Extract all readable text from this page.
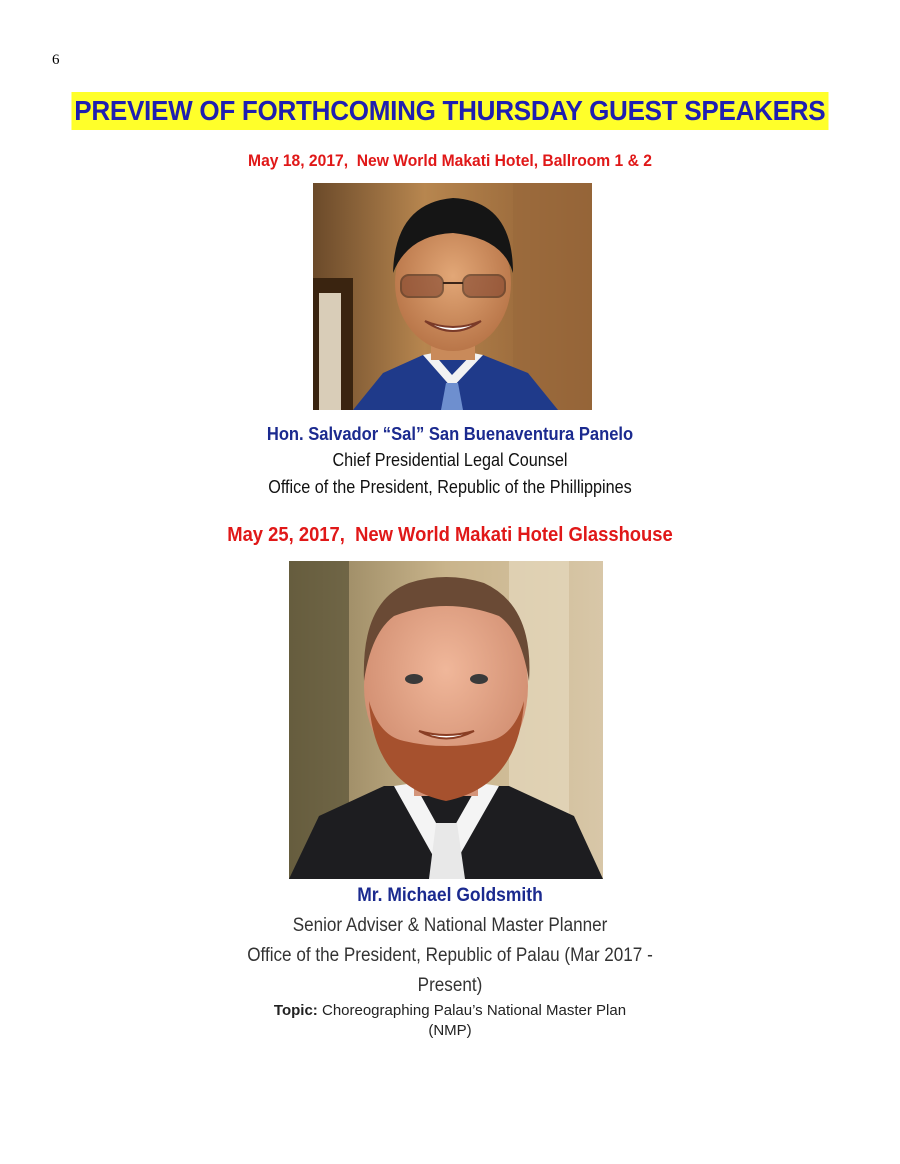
6
PREVIEW OF FORTHCOMING THURSDAY GUEST SPEAKERS
May 18, 2017,  New World Makati Hotel, Ballroom 1 & 2
Hon. Salvador “Sal” San Buenaventura Panelo
Chief Presidential Legal Counsel
Office of the President, Republic of the Phillippines
May 25, 2017,  New World Makati Hotel Glasshouse
Mr. Michael Goldsmith
Senior Adviser & National Master Planner
Office of the President, Republic of Palau (Mar 2017 -
Present)
Topic: Choreographing Palau’s National Master Plan
(NMP)
